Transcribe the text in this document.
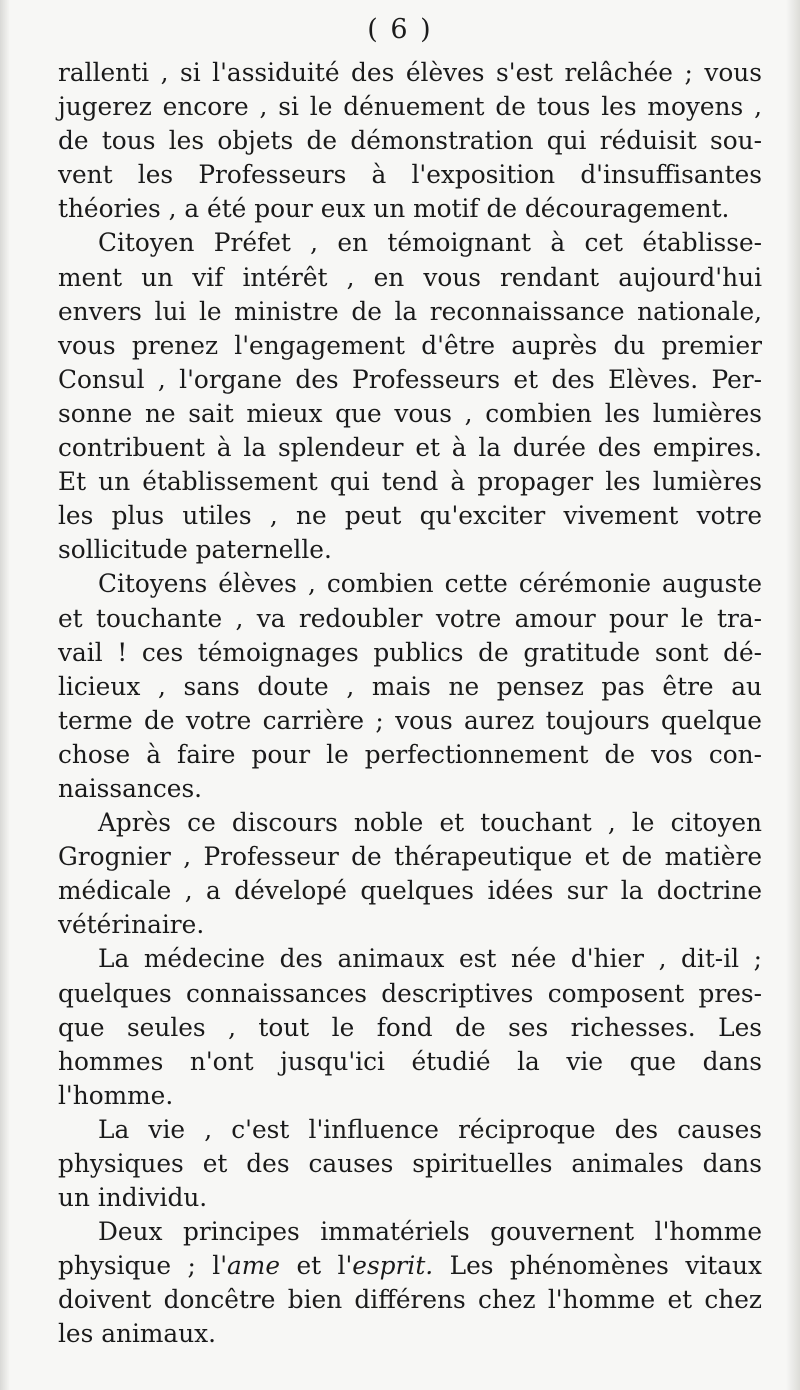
( 6 )
rallenti , si l'assiduité des élèves s'est relâchée ; vous
jugerez encore , si le dénuement de tous les moyens ,
de tous les objets de démonstration qui réduisit sou-
vent les Professeurs à l'exposition d'insuffisantes
théories , a été pour eux un motif de découragement.
Citoyen Préfet , en témoignant à cet établisse-
ment un vif intérêt , en vous rendant aujourd'hui
envers lui le ministre de la reconnaissance nationale,
vous prenez l'engagement d'être auprès du premier
Consul , l'organe des Professeurs et des Elèves. Per-
sonne ne sait mieux que vous , combien les lumières
contribuent à la splendeur et à la durée des empires.
Et un établissement qui tend à propager les lumières
les plus utiles , ne peut qu'exciter vivement votre
sollicitude paternelle.
Citoyens élèves , combien cette cérémonie auguste
et touchante , va redoubler votre amour pour le tra-
vail ! ces témoignages publics de gratitude sont dé-
licieux , sans doute , mais ne pensez pas être au
terme de votre carrière ; vous aurez toujours quelque
chose à faire pour le perfectionnement de vos con-
naissances.
Après ce discours noble et touchant , le citoyen
Grognier , Professeur de thérapeutique et de matière
médicale , a dévelopé quelques idées sur la doctrine
vétérinaire.
La médecine des animaux est née d'hier , dit-il ;
quelques connaissances descriptives composent pres-
que seules , tout le fond de ses richesses. Les
hommes n'ont jusqu'ici étudié la vie que dans
l'homme.
La vie , c'est l'influence réciproque des causes
physiques et des causes spirituelles animales dans
un individu.
Deux principes immatériels gouvernent l'homme
physique ; l'ame et l'esprit. Les phénomènes vitaux
doivent doncêtre bien différens chez l'homme et chez
les animaux.
